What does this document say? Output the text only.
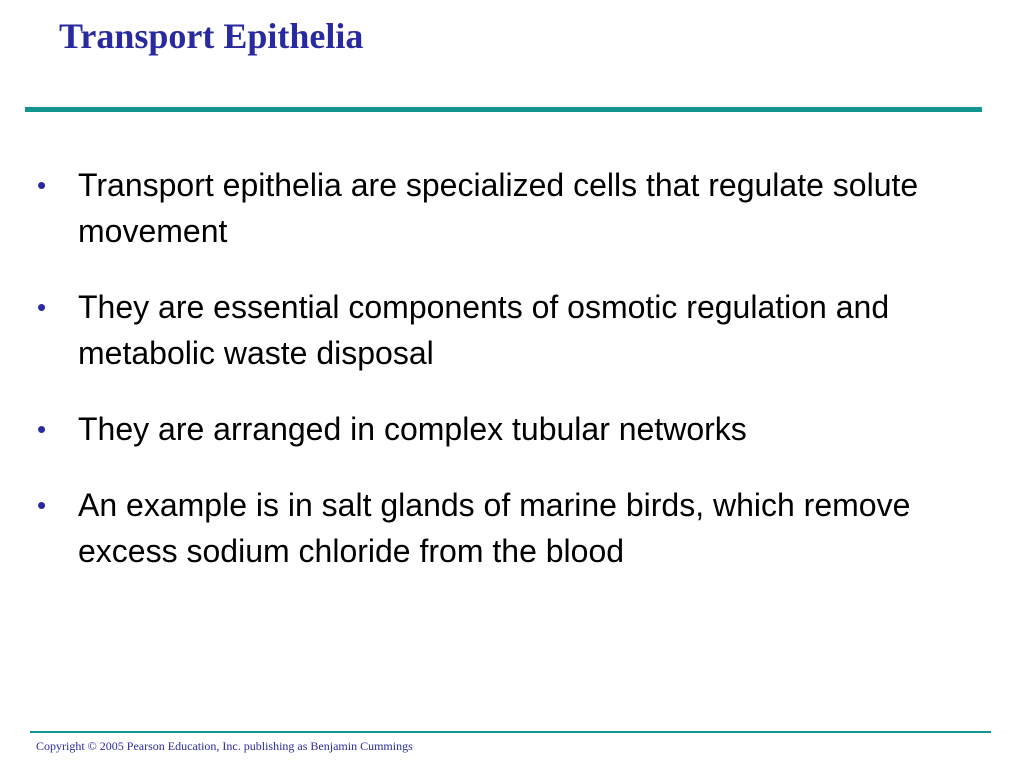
Transport Epithelia
• Transport epithelia are specialized cells that regulate solute movement
• They are essential components of osmotic regulation and metabolic waste disposal
• They are arranged in complex tubular networks
• An example is in salt glands of marine birds, which remove excess sodium chloride from the blood
Copyright © 2005 Pearson Education, Inc. publishing as Benjamin Cummings
